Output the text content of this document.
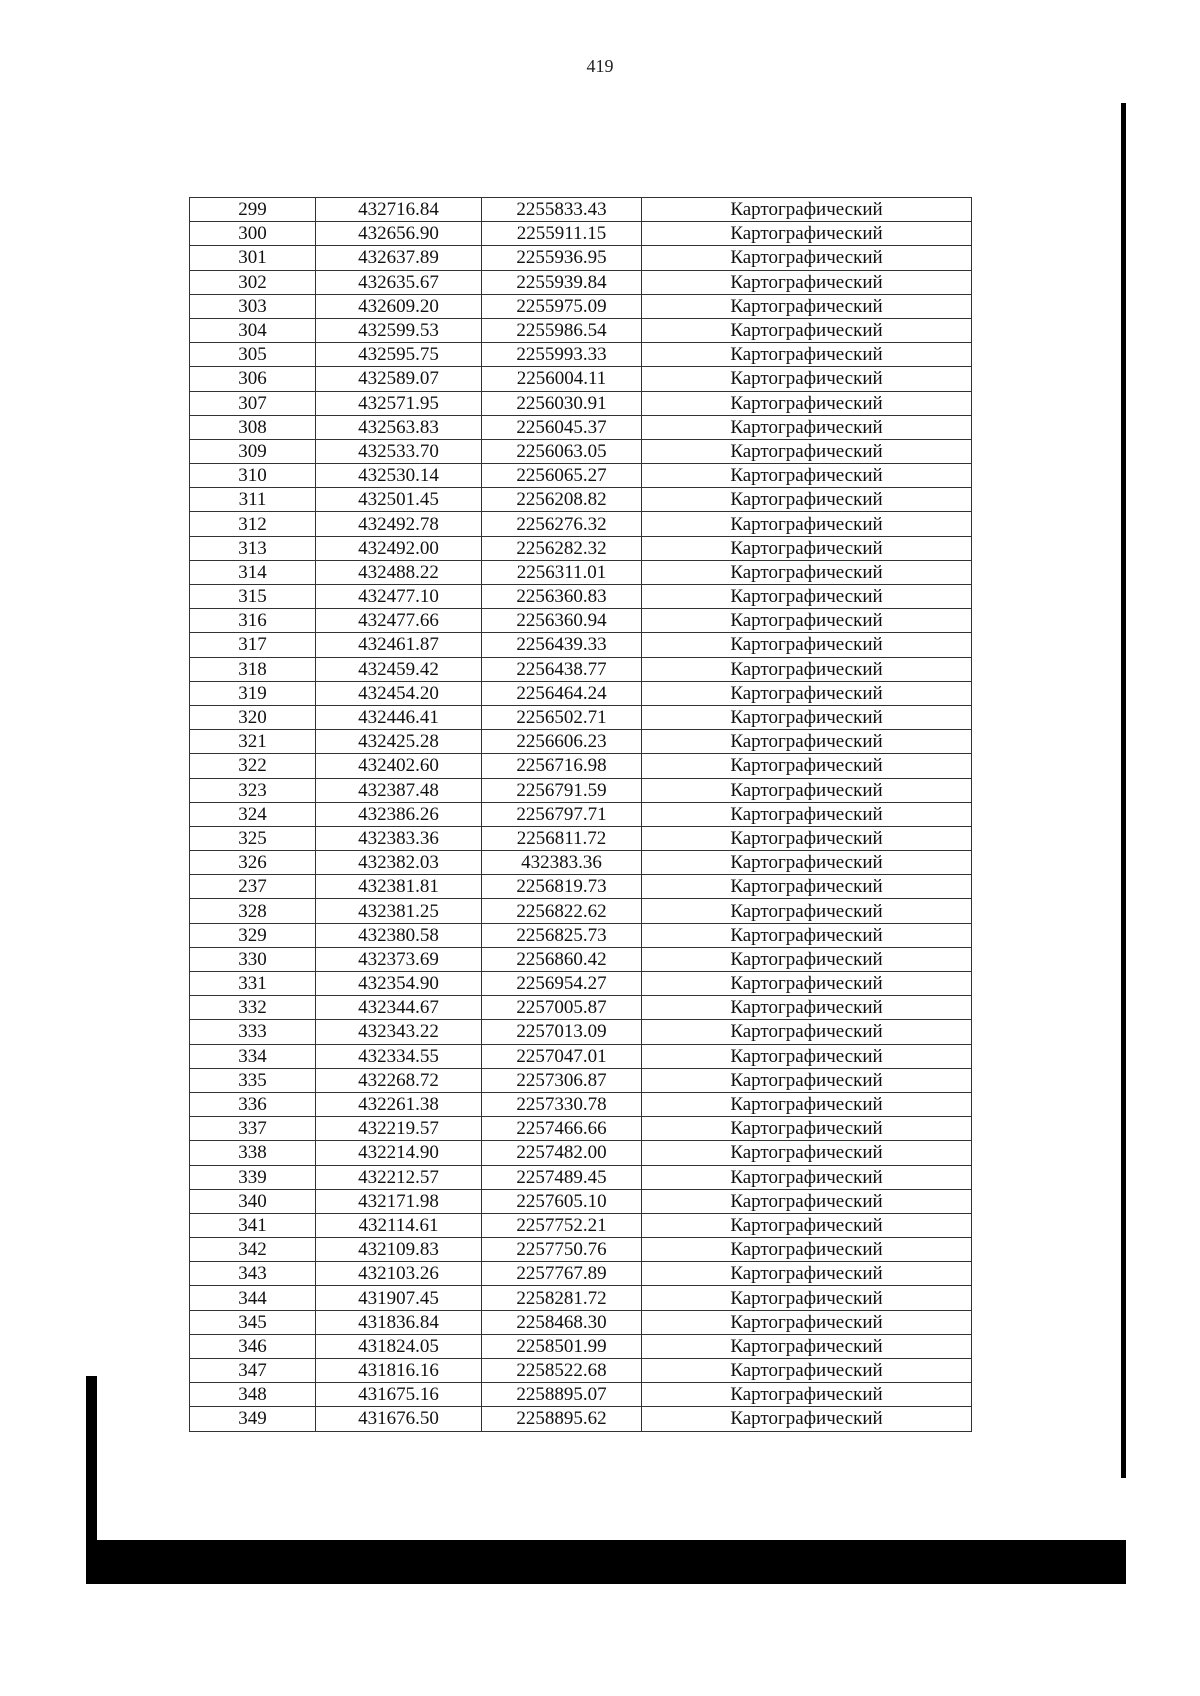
419
299	432716.84	2255833.43	Картографический
300	432656.90	2255911.15	Картографический
301	432637.89	2255936.95	Картографический
302	432635.67	2255939.84	Картографический
303	432609.20	2255975.09	Картографический
304	432599.53	2255986.54	Картографический
305	432595.75	2255993.33	Картографический
306	432589.07	2256004.11	Картографический
307	432571.95	2256030.91	Картографический
308	432563.83	2256045.37	Картографический
309	432533.70	2256063.05	Картографический
310	432530.14	2256065.27	Картографический
311	432501.45	2256208.82	Картографический
312	432492.78	2256276.32	Картографический
313	432492.00	2256282.32	Картографический
314	432488.22	2256311.01	Картографический
315	432477.10	2256360.83	Картографический
316	432477.66	2256360.94	Картографический
317	432461.87	2256439.33	Картографический
318	432459.42	2256438.77	Картографический
319	432454.20	2256464.24	Картографический
320	432446.41	2256502.71	Картографический
321	432425.28	2256606.23	Картографический
322	432402.60	2256716.98	Картографический
323	432387.48	2256791.59	Картографический
324	432386.26	2256797.71	Картографический
325	432383.36	2256811.72	Картографический
326	432382.03	432383.36	Картографический
237	432381.81	2256819.73	Картографический
328	432381.25	2256822.62	Картографический
329	432380.58	2256825.73	Картографический
330	432373.69	2256860.42	Картографический
331	432354.90	2256954.27	Картографический
332	432344.67	2257005.87	Картографический
333	432343.22	2257013.09	Картографический
334	432334.55	2257047.01	Картографический
335	432268.72	2257306.87	Картографический
336	432261.38	2257330.78	Картографический
337	432219.57	2257466.66	Картографический
338	432214.90	2257482.00	Картографический
339	432212.57	2257489.45	Картографический
340	432171.98	2257605.10	Картографический
341	432114.61	2257752.21	Картографический
342	432109.83	2257750.76	Картографический
343	432103.26	2257767.89	Картографический
344	431907.45	2258281.72	Картографический
345	431836.84	2258468.30	Картографический
346	431824.05	2258501.99	Картографический
347	431816.16	2258522.68	Картографический
348	431675.16	2258895.07	Картографический
349	431676.50	2258895.62	Картографический
